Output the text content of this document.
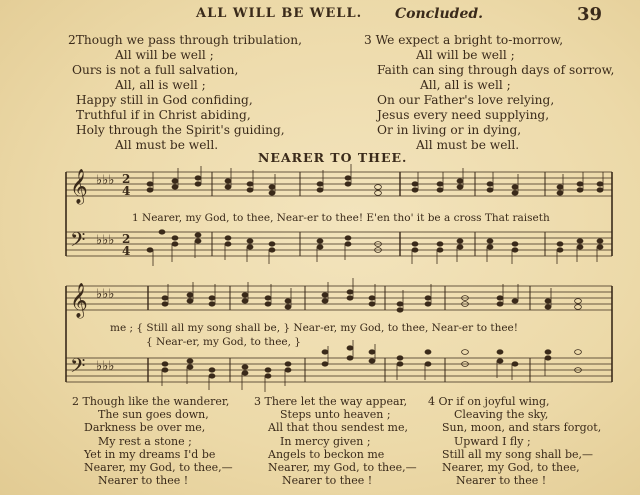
ALL WILL BE WELL. Concluded.	39
2Though we pass through tribulation,
All will be well ;
Ours is not a full salvation,
All, all is well ;
Happy still in God confiding,
Truthful if in Christ abiding,
Holy through the Spirit's guiding,
All must be well.
3 We expect a bright to-morrow,
All will be well ;
Faith can sing through days of sorrow,
All, all is well ;
On our Father's love relying,
Jesus every need supplying,
Or in living or in dying,
All must be well.
NEARER TO THEE.
𝄞
𝄢
𝄞
𝄢
♭♭♭
♭♭♭
♭♭♭
♭♭♭
2
4
2
4
1 Nearer, my God, to thee, Near-er to thee! E'en tho' it be a cross That raiseth
me ; { Still all my song shall be, } Near-er, my God, to thee, Near-er to thee!
{ Near-er, my God, to thee, }
2 Though like the wanderer,
The sun goes down,
Darkness be over me,
My rest a stone ;
Yet in my dreams I'd be
Nearer, my God, to thee,—
Nearer to thee !
3 There let the way appear,
Steps unto heaven ;
All that thou sendest me,
In mercy given ;
Angels to beckon me
Nearer, my God, to thee,—
Nearer to thee !
4 Or if on joyful wing,
Cleaving the sky,
Sun, moon, and stars forgot,
Upward I fly ;
Still all my song shall be,—
Nearer, my God, to thee,
Nearer to thee !
